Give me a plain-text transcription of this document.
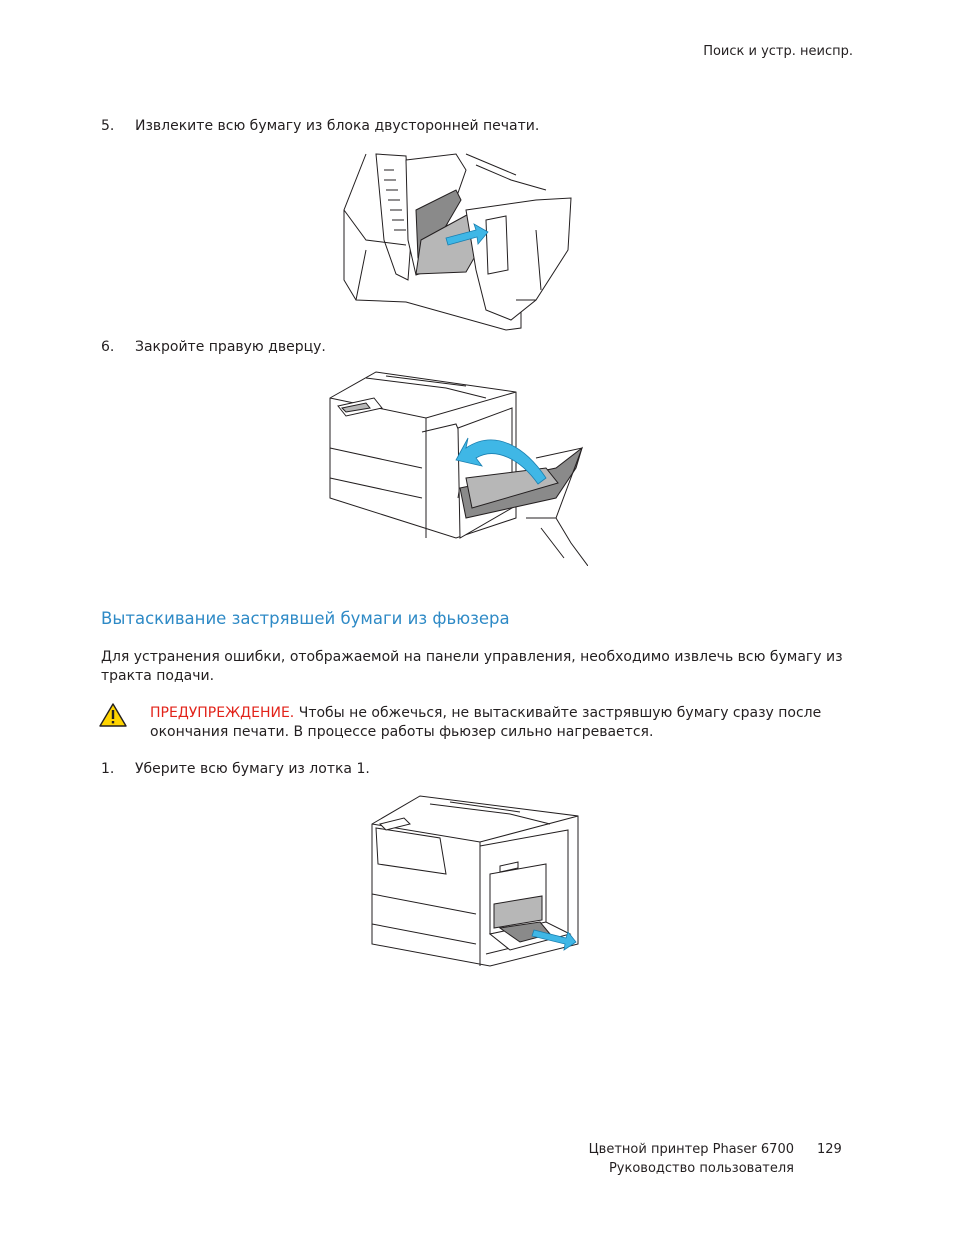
Поиск и устр. неиспр.
5.	Извлеките всю бумагу из блока двусторонней печати.
6.	Закройте правую дверцу.
Вытаскивание застрявшей бумаги из фьюзера
Для устранения ошибки, отображаемой на панели управления, необходимо извлечь всю бумагу из тракта подачи.
ПРЕДУПРЕЖДЕНИЕ. Чтобы не обжечься, не вытаскивайте застрявшую бумагу сразу после окончания печати. В процессе работы фьюзер сильно нагревается.
1.	Уберите всю бумагу из лотка 1.
Цветной принтер Phaser 6700
Руководство пользователя
129
